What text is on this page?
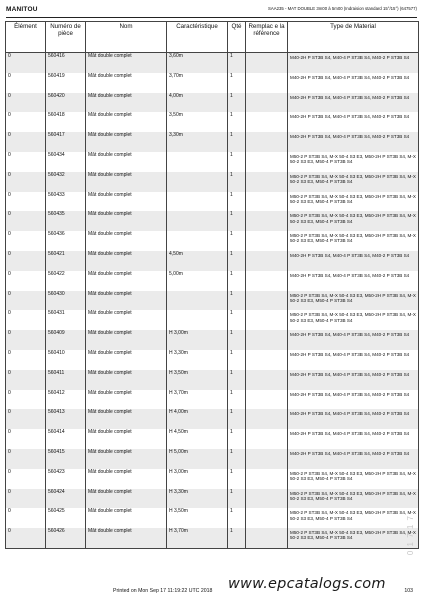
MANITOU	SAA235 - MAT DOUBLE 3m00 à 5m00 (Indraision standard 15°/15°) (647577)
Élément	Numéro de pièce	Nom	Caractéristique	Qté	Remplac e la référence	Type de Material
0	560416	Mât double complet	3,60m	1		M40-2H P ST3B S4, M40-4 P ST3B S4, M40-2 P ST3B S4
0	560419	Mât double complet	3,70m	1		M40-2H P ST3B S4, M40-4 P ST3B S4, M40-2 P ST3B S4
0	560420	Mât double complet	4,00m	1		M40-2H P ST3B S4, M40-4 P ST3B S4, M40-2 P ST3B S4
0	560418	Mât double complet	3,50m	1		M40-2H P ST3B S4, M40-4 P ST3B S4, M40-2 P ST3B S4
0	560417	Mât double complet	3,30m	1		M40-2H P ST3B S4, M40-4 P ST3B S4, M40-2 P ST3B S4
0	560434	Mât double complet		1		M50-2 P ST3B S4, M-X 50-4 S3 E3, M50-2H P ST3B S4, M-X 50-2 S3 E3, M50-4 P ST3B S4
0	560432	Mât double complet		1		M50-2 P ST3B S4, M-X 50-4 S3 E3, M50-2H P ST3B S4, M-X 50-2 S3 E3, M50-4 P ST3B S4
0	560433	Mât double complet		1		M50-2 P ST3B S4, M-X 50-4 S3 E3, M50-2H P ST3B S4, M-X 50-2 S3 E3, M50-4 P ST3B S4
0	560435	Mât double complet		1		M50-2 P ST3B S4, M-X 50-4 S3 E3, M50-2H P ST3B S4, M-X 50-2 S3 E3, M50-4 P ST3B S4
0	560436	Mât double complet		1		M50-2 P ST3B S4, M-X 50-4 S3 E3, M50-2H P ST3B S4, M-X 50-2 S3 E3, M50-4 P ST3B S4
0	560421	Mât double complet	4,50m	1		M40-2H P ST3B S4, M40-4 P ST3B S4, M40-2 P ST3B S4
0	560422	Mât double complet	5,00m	1		M40-2H P ST3B S4, M40-4 P ST3B S4, M40-2 P ST3B S4
0	560430	Mât double complet		1		M50-2 P ST3B S4, M-X 50-4 S3 E3, M50-2H P ST3B S4, M-X 50-2 S3 E3, M50-4 P ST3B S4
0	560431	Mât double complet		1		M50-2 P ST3B S4, M-X 50-4 S3 E3, M50-2H P ST3B S4, M-X 50-2 S3 E3, M50-4 P ST3B S4
0	560409	Mât double complet	H 3,00m	1		M40-2H P ST3B S4, M40-4 P ST3B S4, M40-2 P ST3B S4
0	560410	Mât double complet	H 3,30m	1		M40-2H P ST3B S4, M40-4 P ST3B S4, M40-2 P ST3B S4
0	560411	Mât double complet	H 3,50m	1		M40-2H P ST3B S4, M40-4 P ST3B S4, M40-2 P ST3B S4
0	560412	Mât double complet	H 3,70m	1		M40-2H P ST3B S4, M40-4 P ST3B S4, M40-2 P ST3B S4
0	560413	Mât double complet	H 4,00m	1		M40-2H P ST3B S4, M40-4 P ST3B S4, M40-2 P ST3B S4
0	560414	Mât double complet	H 4,50m	1		M40-2H P ST3B S4, M40-4 P ST3B S4, M40-2 P ST3B S4
0	560415	Mât double complet	H 5,00m	1		M40-2H P ST3B S4, M40-4 P ST3B S4, M40-2 P ST3B S4
0	560423	Mât double complet	H 3,00m	1		M50-2 P ST3B S4, M-X 50-4 S3 E3, M50-2H P ST3B S4, M-X 50-2 S3 E3, M50-4 P ST3B S4
0	560424	Mât double complet	H 3,30m	1		M50-2 P ST3B S4, M-X 50-4 S3 E3, M50-2H P ST3B S4, M-X 50-2 S3 E3, M50-4 P ST3B S4
0	560425	Mât double complet	H 3,50m	1		M50-2 P ST3B S4, M-X 50-4 S3 E3, M50-2H P ST3B S4, M-X 50-2 S3 E3, M50-4 P ST3B S4
0	560426	Mât double complet	H 3,70m	1		M50-2 P ST3B S4, M-X 50-4 S3 E3, M50-2H P ST3B S4, M-X 50-2 S3 E3, M50-4 P ST3B S4
www.epcatalogs.com
0 1 7 1 7
Printed on Mon Sep 17 11:19:22 UTC 2018	103
